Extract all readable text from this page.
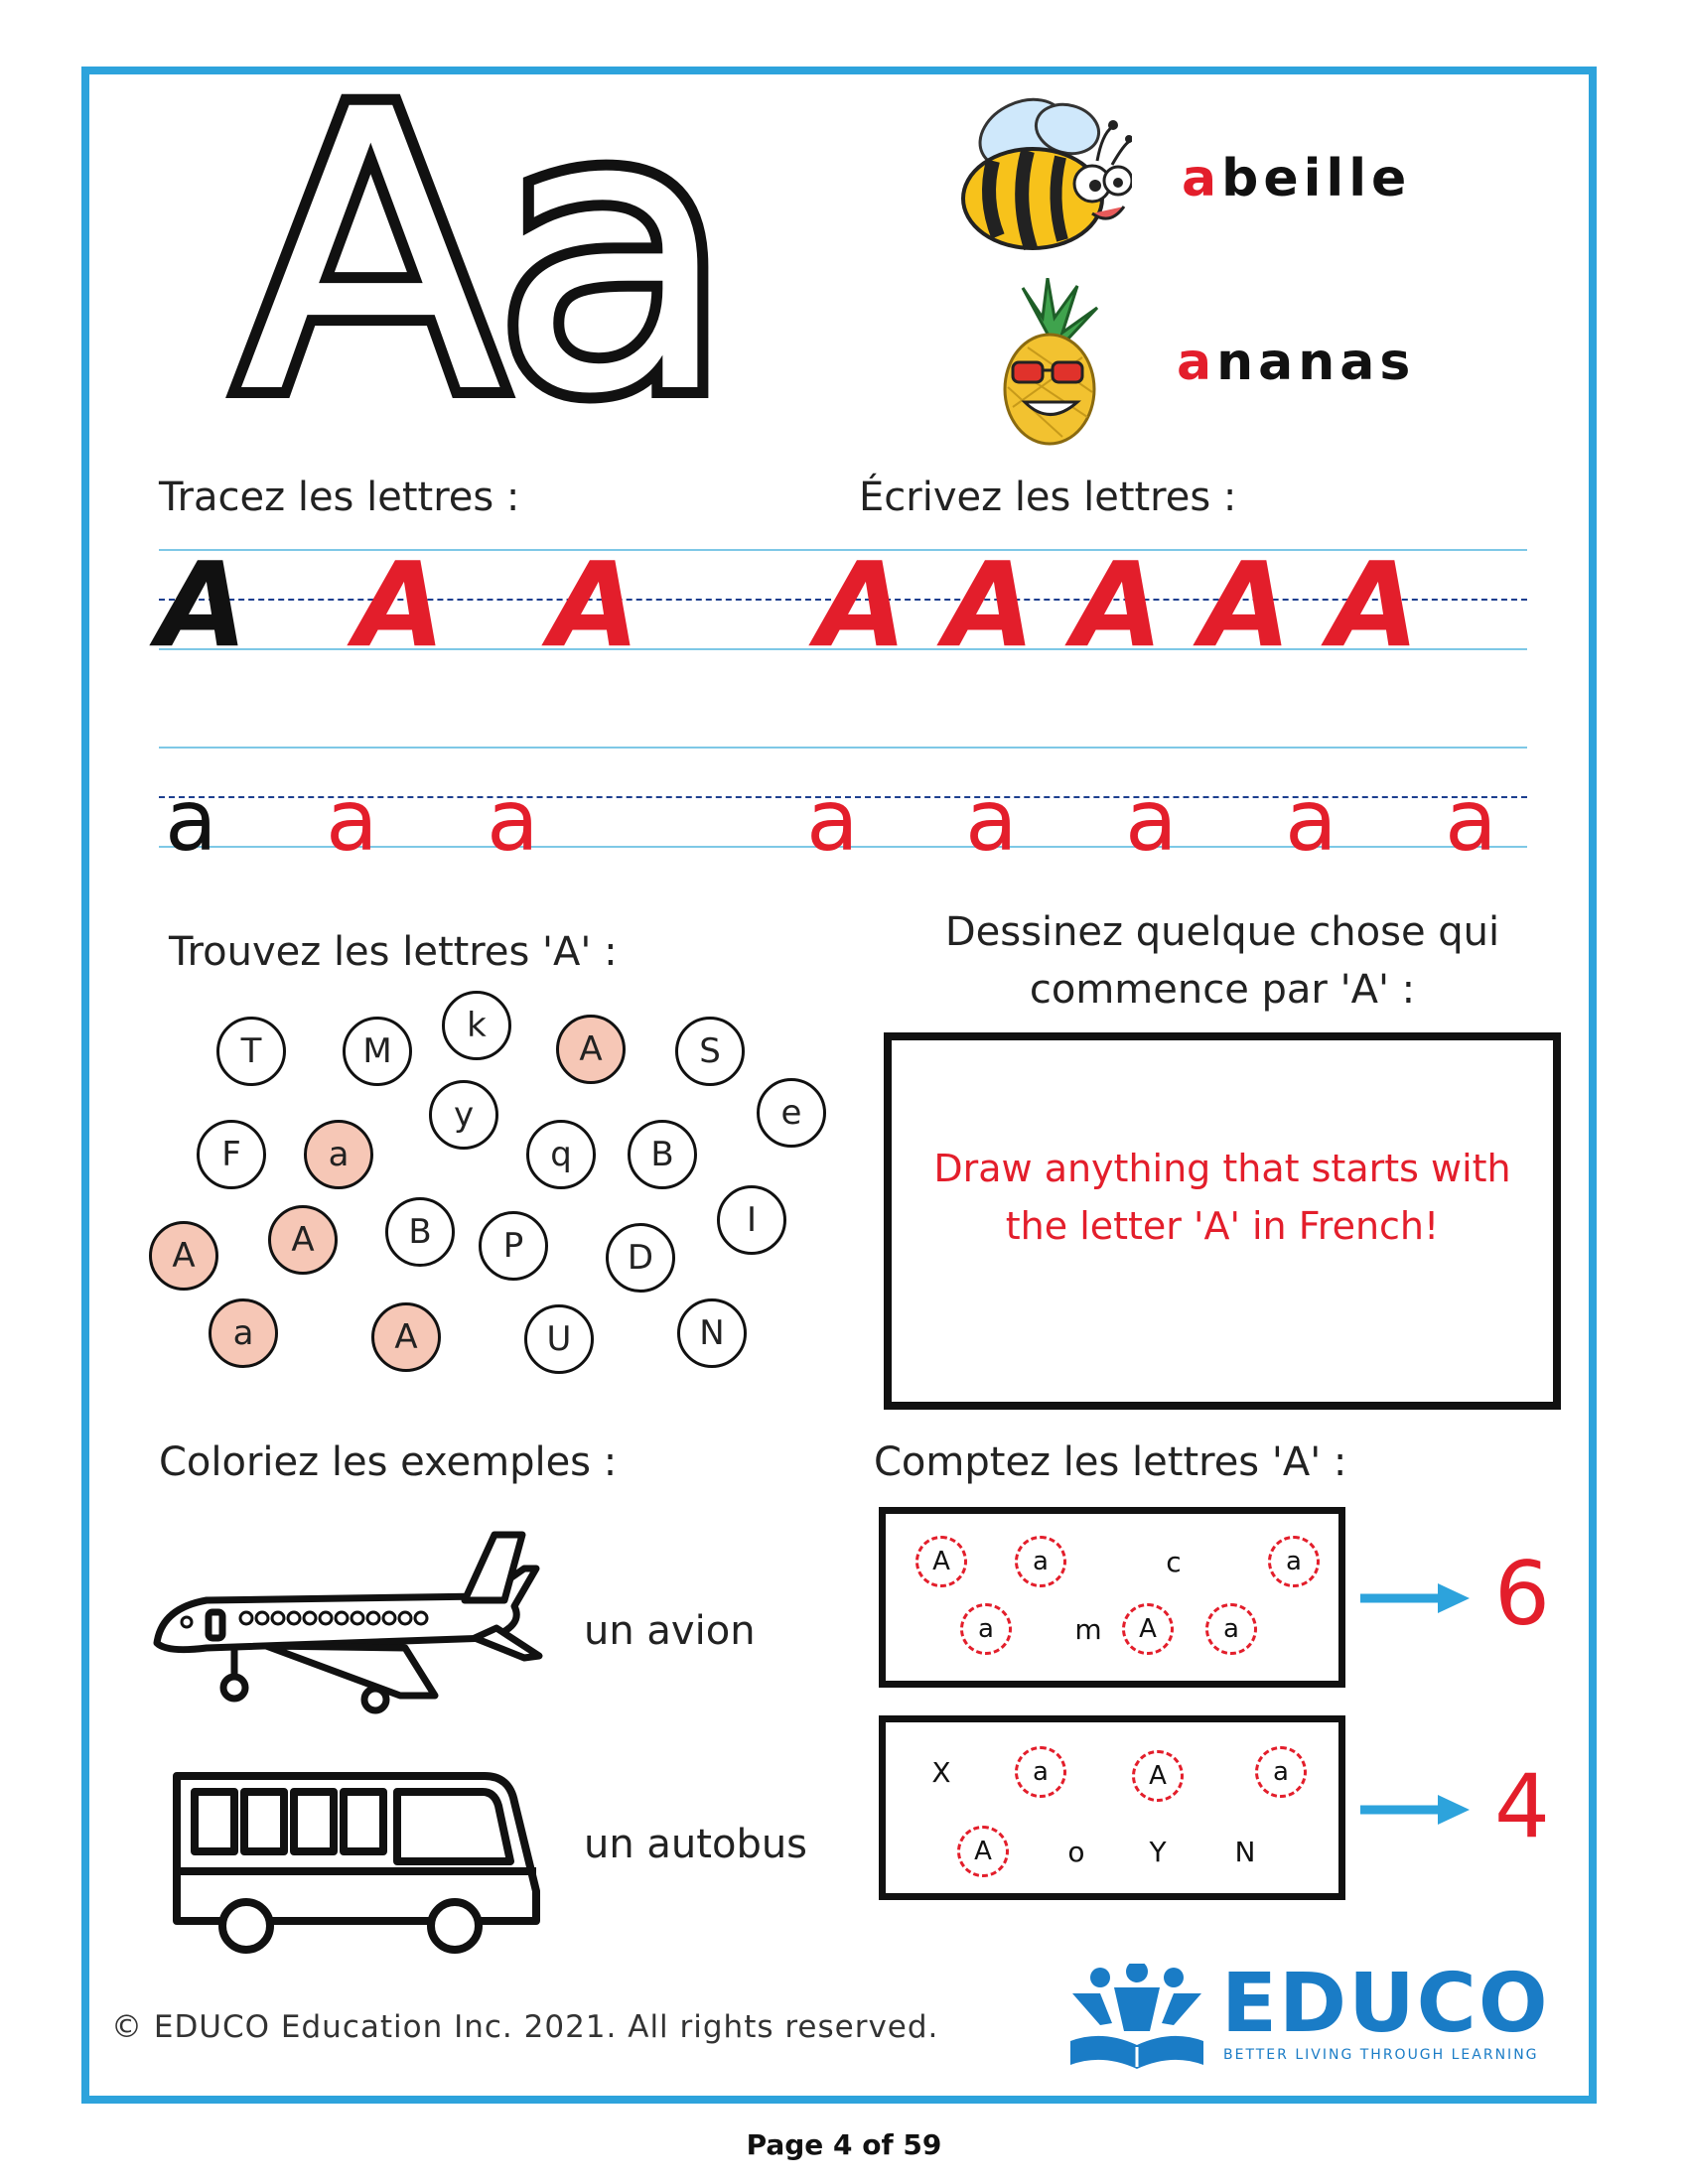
Aa	abeille
ananas
Tracez les lettres :	Écrivez les lettres :
A A A A A A A A
a a a	a a a a a
Trouvez les lettres 'A' :
T	M
k
A	S
e
y
F	a	q	B
I
A	A	B	P	D
a	A	U	N
Dessinez quelque chose qui
commence par 'A' :
Draw anything that starts with the letter 'A' in French!
Coloriez les exemples :
un avion
un autobus
Comptez les lettres 'A' :
A	a	c	a
a	m	A	a	6
X	a	A	a
A	o	Y	N	4
© EDUCO Education Inc. 2021. All rights reserved.	EDUCO
BETTER LIVING THROUGH LEARNING
Page 4 of 59
